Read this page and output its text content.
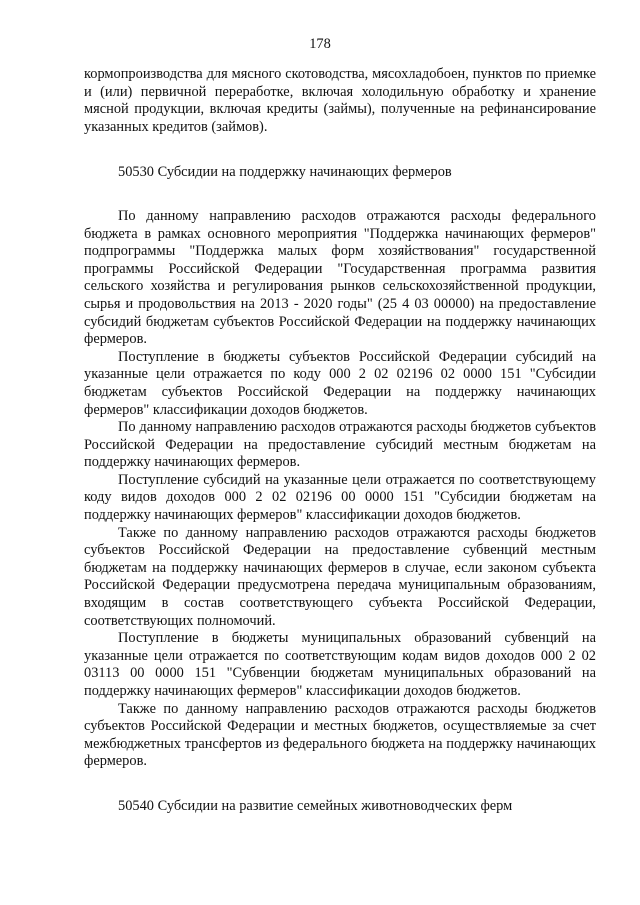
178

кормопроизводства для мясного скотоводства, мясохладобоен, пунктов по приемке и (или) первичной переработке, включая холодильную обработку и хранение мясной продукции, включая кредиты (займы), полученные на рефинансирование указанных кредитов (займов).

50530 Субсидии на поддержку начинающих фермеров

По данному направлению расходов отражаются расходы федерального бюджета в рамках основного мероприятия "Поддержка начинающих фермеров" подпрограммы "Поддержка малых форм хозяйствования" государственной программы Российской Федерации "Государственная программа развития сельского хозяйства и регулирования рынков сельскохозяйственной продукции, сырья и продовольствия на 2013 - 2020 годы" (25 4 03 00000) на предоставление субсидий бюджетам субъектов Российской Федерации на поддержку начинающих фермеров.

Поступление в бюджеты субъектов Российской Федерации субсидий на указанные цели отражается по коду 000 2 02 02196 02 0000 151 "Субсидии бюджетам субъектов Российской Федерации на поддержку начинающих фермеров" классификации доходов бюджетов.

По данному направлению расходов отражаются расходы бюджетов субъектов Российской Федерации на предоставление субсидий местным бюджетам на поддержку начинающих фермеров.

Поступление субсидий на указанные цели отражается по соответствующему коду видов доходов 000 2 02 02196 00 0000 151 "Субсидии бюджетам на поддержку начинающих фермеров" классификации доходов бюджетов.

Также по данному направлению расходов отражаются расходы бюджетов субъектов Российской Федерации на предоставление субвенций местным бюджетам на поддержку начинающих фермеров в случае, если законом субъекта Российской Федерации предусмотрена передача муниципальным образованиям, входящим в состав соответствующего субъекта Российской Федерации, соответствующих полномочий.

Поступление в бюджеты муниципальных образований субвенций на указанные цели отражается по соответствующим кодам видов доходов 000 2 02 03113 00 0000 151 "Субвенции бюджетам муниципальных образований на поддержку начинающих фермеров" классификации доходов бюджетов.

Также по данному направлению расходов отражаются расходы бюджетов субъектов Российской Федерации и местных бюджетов, осуществляемые за счет межбюджетных трансфертов из федерального бюджета на поддержку начинающих фермеров.

50540 Субсидии на развитие семейных животноводческих ферм
